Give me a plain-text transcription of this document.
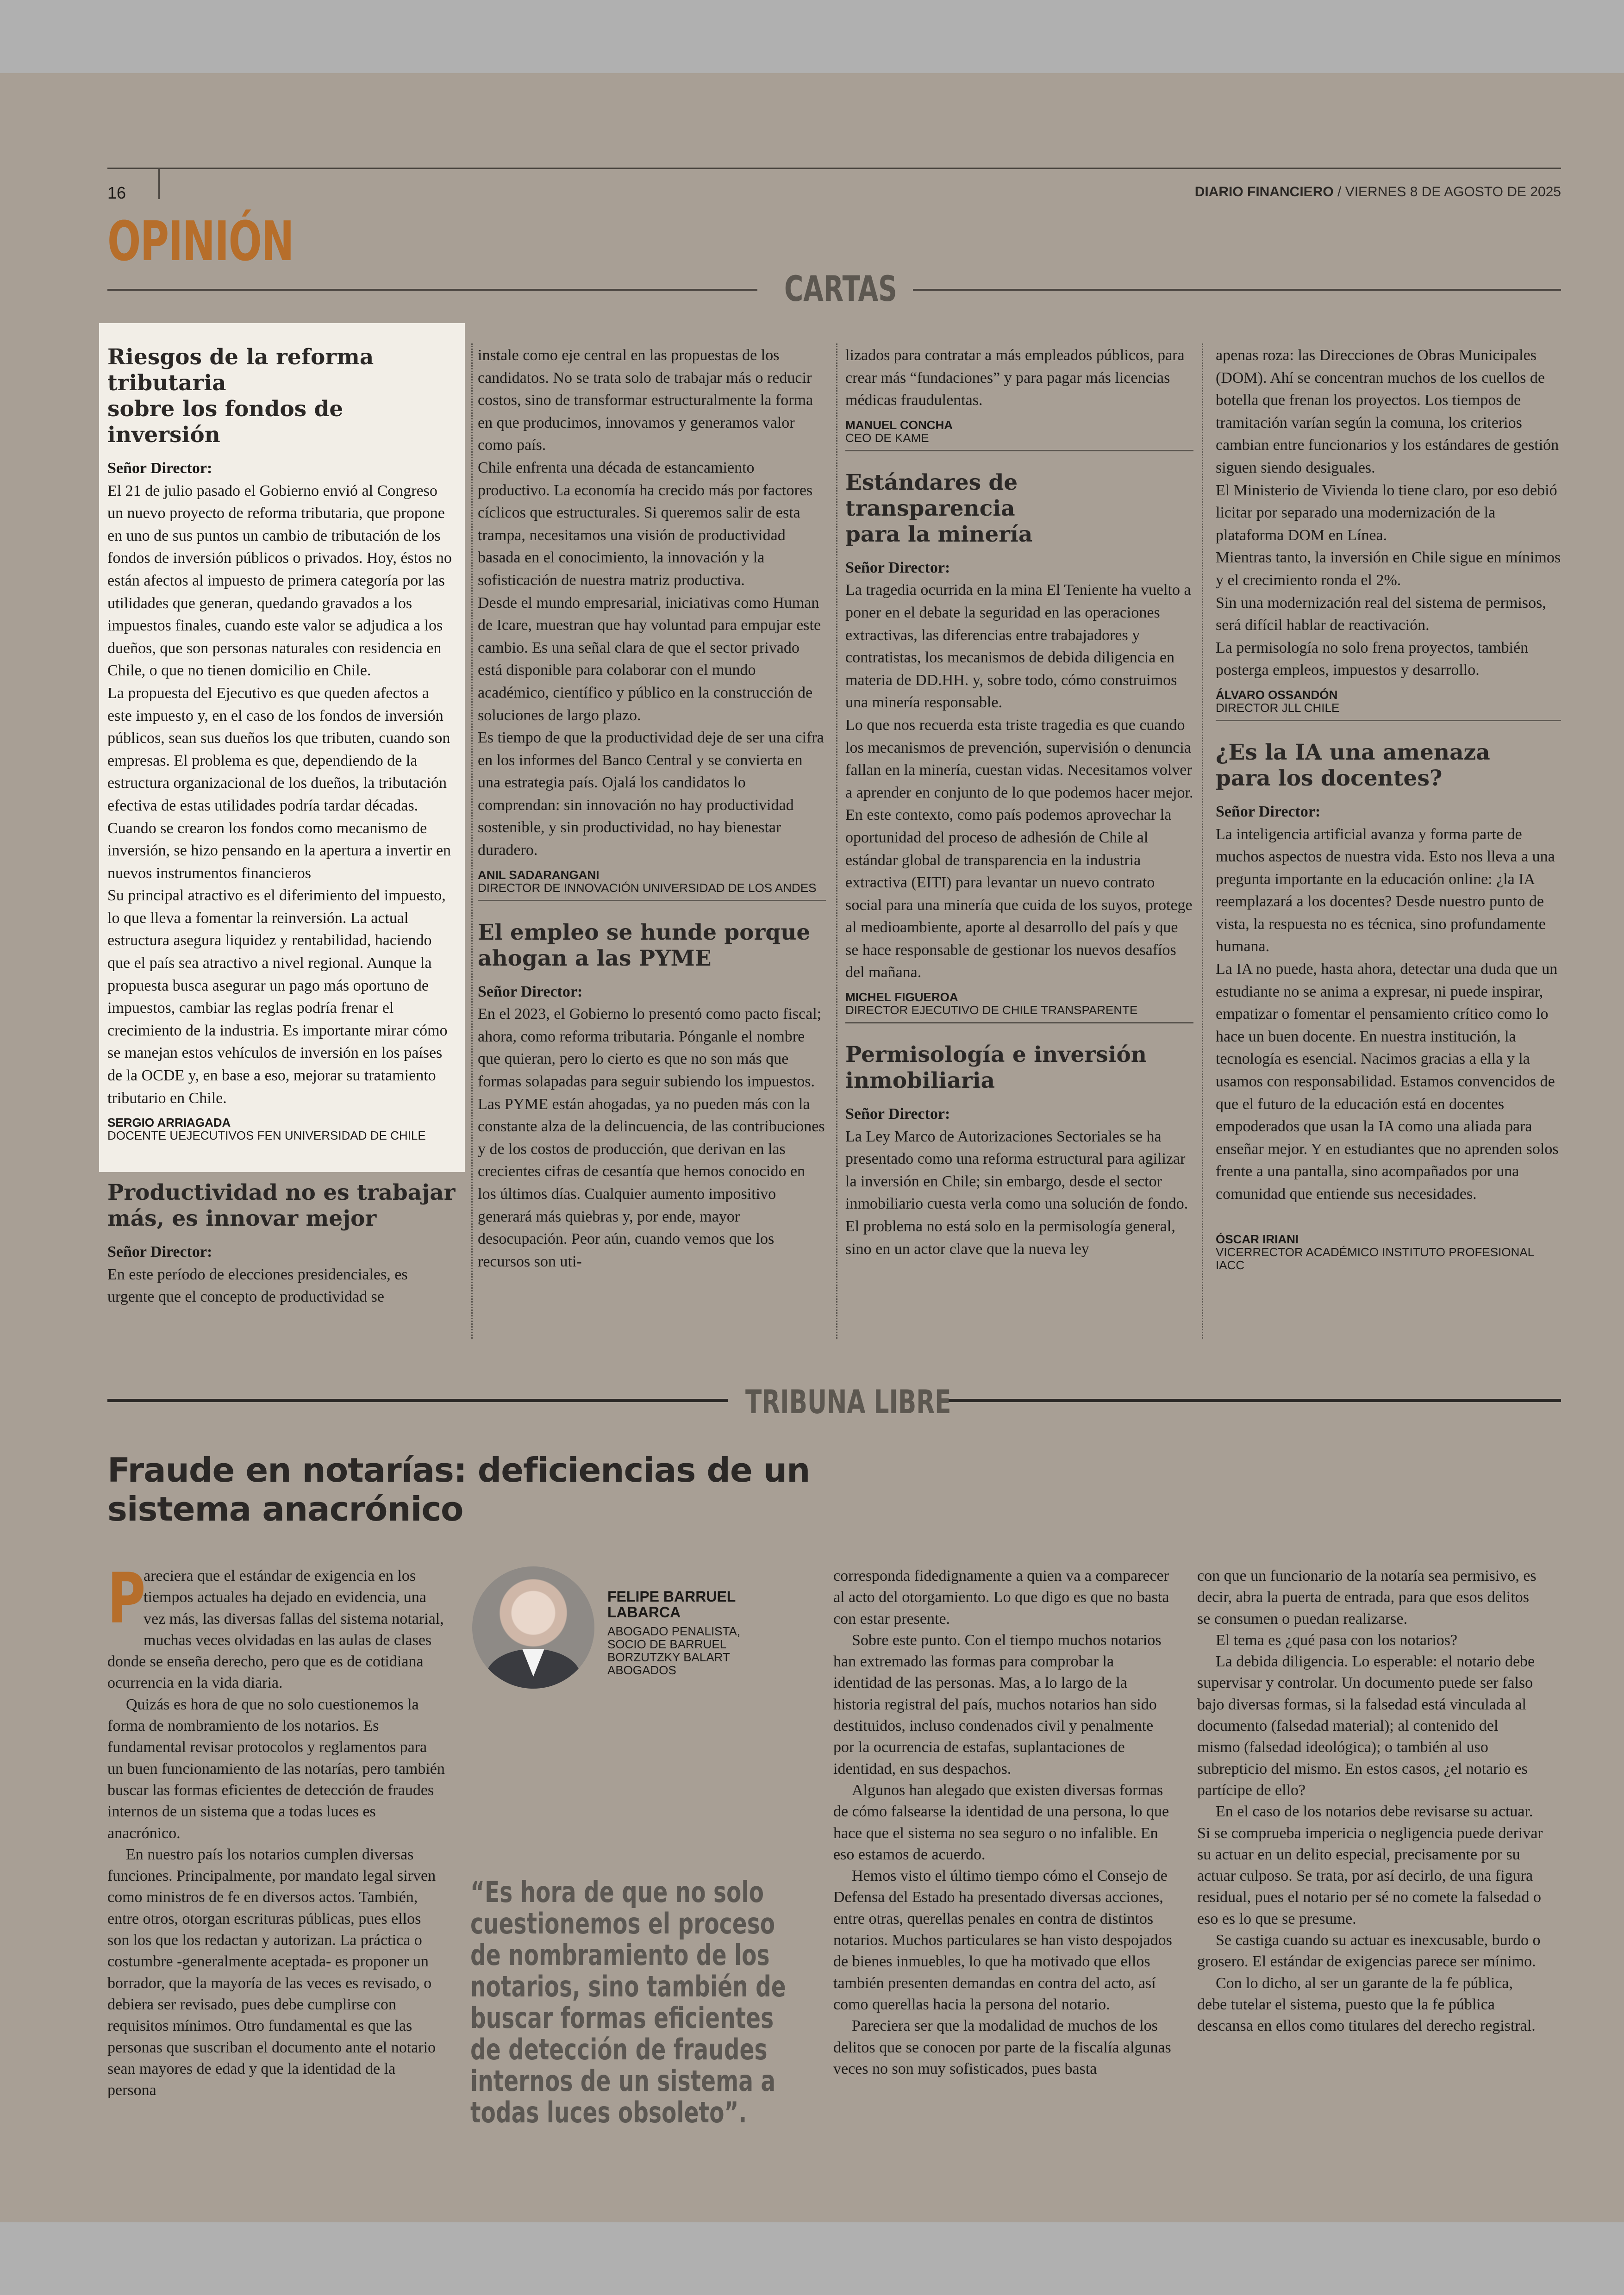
16	DIARIO FINANCIERO / VIERNES 8 DE AGOSTO DE 2025
OPINIÓN
CARTAS
Riesgos de la reforma tributaria
sobre los fondos de inversión
Señor Director:

El 21 de julio pasado el Gobierno envió al Congreso un nuevo proyecto de reforma tributaria, que propone en uno de sus puntos un cambio de tributación de los fondos de inversión públicos o privados. Hoy, éstos no están afectos al impuesto de primera categoría por las utilidades que generan, quedando gravados a los impuestos finales, cuando este valor se adjudica a los dueños, que son personas naturales con residencia en Chile, o que no tienen domicilio en Chile.

La propuesta del Ejecutivo es que queden afectos a este impuesto y, en el caso de los fondos de inversión públicos, sean sus dueños los que tributen, cuando son empresas. El problema es que, dependiendo de la estructura organizacional de los dueños, la tributación efectiva de estas utilidades podría tardar décadas.

Cuando se crearon los fondos como mecanismo de inversión, se hizo pensando en la apertura a invertir en nuevos instrumentos financieros

Su principal atractivo es el diferimiento del impuesto, lo que lleva a fomentar la reinversión. La actual estructura asegura liquidez y rentabilidad, haciendo que el país sea atractivo a nivel regional. Aunque la propuesta busca asegurar un pago más oportuno de impuestos, cambiar las reglas podría frenar el crecimiento de la industria. Es importante mirar cómo se manejan estos vehículos de inversión en los países de la OCDE y, en base a eso, mejorar su tratamiento tributario en Chile.

SERGIO ARRIAGADA
DOCENTE UEJECUTIVOS FEN UNIVERSIDAD DE CHILE
Productividad no es trabajar
más, es innovar mejor
Señor Director:

En este período de elecciones presidenciales, es urgente que el concepto de productividad se

instale como eje central en las propuestas de los candidatos. No se trata solo de trabajar más o reducir costos, sino de transformar estructuralmente la forma en que producimos, innovamos y generamos valor como país.

Chile enfrenta una década de estancamiento productivo. La economía ha crecido más por factores cíclicos que estructurales. Si queremos salir de esta trampa, necesitamos una visión de productividad basada en el conocimiento, la innovación y la sofisticación de nuestra matriz productiva.

Desde el mundo empresarial, iniciativas como Human de Icare, muestran que hay voluntad para empujar este cambio. Es una señal clara de que el sector privado está disponible para colaborar con el mundo académico, científico y público en la construcción de soluciones de largo plazo.

Es tiempo de que la productividad deje de ser una cifra en los informes del Banco Central y se convierta en una estrategia país. Ojalá los candidatos lo comprendan: sin innovación no hay productividad sostenible, y sin productividad, no hay bienestar duradero.

ANIL SADARANGANI
DIRECTOR DE INNOVACIÓN UNIVERSIDAD DE LOS ANDES
El empleo se hunde porque
ahogan a las PYME
Señor Director:

En el 2023, el Gobierno lo presentó como pacto fiscal; ahora, como reforma tributaria. Pónganle el nombre que quieran, pero lo cierto es que no son más que formas solapadas para seguir subiendo los impuestos. Las PYME están ahogadas, ya no pueden más con la constante alza de la delincuencia, de las contribuciones y de los costos de producción, que derivan en las crecientes cifras de cesantía que hemos conocido en los últimos días. Cualquier aumento impositivo generará más quiebras y, por ende, mayor desocupación. Peor aún, cuando vemos que los recursos son uti-

lizados para contratar a más empleados públicos, para crear más “fundaciones” y para pagar más licencias médicas fraudulentas.

MANUEL CONCHA
CEO DE KAME
Estándares de transparencia
para la minería
Señor Director:

La tragedia ocurrida en la mina El Teniente ha vuelto a poner en el debate la seguridad en las operaciones extractivas, las diferencias entre trabajadores y contratistas, los mecanismos de debida diligencia en materia de DD.HH. y, sobre todo, cómo construimos una minería responsable.

Lo que nos recuerda esta triste tragedia es que cuando los mecanismos de prevención, supervisión o denuncia fallan en la minería, cuestan vidas. Necesitamos volver a aprender en conjunto de lo que podemos hacer mejor.

En este contexto, como país podemos aprovechar la oportunidad del proceso de adhesión de Chile al estándar global de transparencia en la industria extractiva (EITI) para levantar un nuevo contrato social para una minería que cuida de los suyos, protege al medioambiente, aporte al desarrollo del país y que se hace responsable de gestionar los nuevos desafíos del mañana.

MICHEL FIGUEROA
DIRECTOR EJECUTIVO DE CHILE TRANSPARENTE
Permisología e inversión
inmobiliaria
Señor Director:

La Ley Marco de Autorizaciones Sectoriales se ha presentado como una reforma estructural para agilizar la inversión en Chile; sin embargo, desde el sector inmobiliario cuesta verla como una solución de fondo.

El problema no está solo en la permisología general, sino en un actor clave que la nueva ley

apenas roza: las Direcciones de Obras Municipales (DOM). Ahí se concentran muchos de los cuellos de botella que frenan los proyectos. Los tiempos de tramitación varían según la comuna, los criterios cambian entre funcionarios y los estándares de gestión siguen siendo desiguales.

El Ministerio de Vivienda lo tiene claro, por eso debió licitar por separado una modernización de la plataforma DOM en Línea.

Mientras tanto, la inversión en Chile sigue en mínimos y el crecimiento ronda el 2%.

Sin una modernización real del sistema de permisos, será difícil hablar de reactivación.

La permisología no solo frena proyectos, también posterga empleos, impuestos y desarrollo.

ÁLVARO OSSANDÓN
DIRECTOR JLL CHILE
¿Es la IA una amenaza
para los docentes?
Señor Director:

La inteligencia artificial avanza y forma parte de muchos aspectos de nuestra vida. Esto nos lleva a una pregunta importante en la educación online: ¿la IA reemplazará a los docentes? Desde nuestro punto de vista, la respuesta no es técnica, sino profundamente humana.

La IA no puede, hasta ahora, detectar una duda que un estudiante no se anima a expresar, ni puede inspirar, empatizar o fomentar el pensamiento crítico como lo hace un buen docente. En nuestra institución, la tecnología es esencial. Nacimos gracias a ella y la usamos con responsabilidad. Estamos convencidos de que el futuro de la educación está en docentes empoderados que usan la IA como una aliada para enseñar mejor. Y en estudiantes que no aprenden solos frente a una pantalla, sino acompañados por una comunidad que entiende sus necesidades.

ÓSCAR IRIANI
VICERRECTOR ACADÉMICO INSTITUTO PROFESIONAL IACC
TRIBUNA LIBRE
Fraude en notarías: deficiencias de un
sistema anacrónico
P

areciera que el estándar de exigencia en los tiempos actuales ha dejado en evidencia, una vez más, las diversas fallas del sistema notarial, muchas veces olvidadas en las aulas de clases donde se enseña derecho, pero que es de cotidiana ocurrencia en la vida diaria.

Quizás es hora de que no solo cuestionemos la forma de nombramiento de los notarios. Es fundamental revisar protocolos y reglamentos para un buen funcionamiento de las notarías, pero también buscar las formas eficientes de detección de fraudes internos de un sistema que a todas luces es anacrónico.

En nuestro país los notarios cumplen diversas funciones. Principalmente, por mandato legal sirven como ministros de fe en diversos actos. También, entre otros, otorgan escrituras públicas, pues ellos son los que los redactan y autorizan. La práctica o costumbre -generalmente aceptada- es proponer un borrador, que la mayoría de las veces es revisado, o debiera ser revisado, pues debe cumplirse con requisitos mínimos. Otro fundamental es que las personas que suscriban el documento ante el notario sean mayores de edad y que la identidad de la persona

FELIPE BARRUEL
LABARCA
ABOGADO PENALISTA,
SOCIO DE BARRUEL
BORZUTZKY BALART
ABOGADOS
“Es hora de que no solo cuestionemos el proceso de nombramiento de los notarios, sino también de buscar formas eficientes de detección de fraudes internos de un sistema a todas luces obsoleto”.

corresponda fidedignamente a quien va a comparecer al acto del otorgamiento. Lo que digo es que no basta con estar presente.

Sobre este punto. Con el tiempo muchos notarios han extremado las formas para comprobar la identidad de las personas. Mas, a lo largo de la historia registral del país, muchos notarios han sido destituidos, incluso condenados civil y penalmente por la ocurrencia de estafas, suplantaciones de identidad, en sus despachos.

Algunos han alegado que existen diversas formas de cómo falsearse la identidad de una persona, lo que hace que el sistema no sea seguro o no infalible. En eso estamos de acuerdo.

Hemos visto el último tiempo cómo el Consejo de Defensa del Estado ha presentado diversas acciones, entre otras, querellas penales en contra de distintos notarios. Muchos particulares se han visto despojados de bienes inmuebles, lo que ha motivado que ellos también presenten demandas en contra del acto, así como querellas hacia la persona del notario.

Pareciera ser que la modalidad de muchos de los delitos que se conocen por parte de la fiscalía algunas veces no son muy sofisticados, pues basta

con que un funcionario de la notaría sea permisivo, es decir, abra la puerta de entrada, para que esos delitos se consumen o puedan realizarse.

El tema es ¿qué pasa con los notarios?

La debida diligencia. Lo esperable: el notario debe supervisar y controlar. Un documento puede ser falso bajo diversas formas, si la falsedad está vinculada al documento (falsedad material); al contenido del mismo (falsedad ideológica); o también al uso subrepticio del mismo. En estos casos, ¿el notario es partícipe de ello?

En el caso de los notarios debe revisarse su actuar. Si se comprueba impericia o negligencia puede derivar su actuar en un delito especial, precisamente por su actuar culposo. Se trata, por así decirlo, de una figura residual, pues el notario per sé no comete la falsedad o eso es lo que se presume.

Se castiga cuando su actuar es inexcusable, burdo o grosero. El estándar de exigencias parece ser mínimo.

Con lo dicho, al ser un garante de la fe pública, debe tutelar el sistema, puesto que la fe pública descansa en ellos como titulares del derecho registral.
